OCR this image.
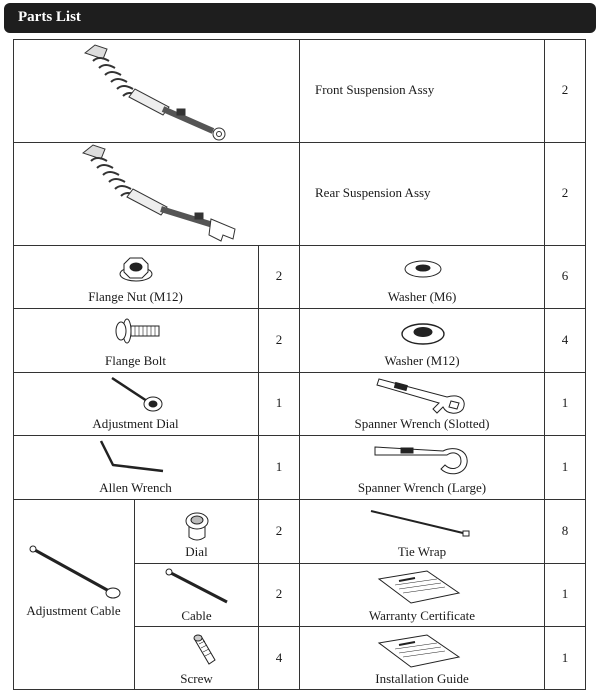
Parts List
Front Suspension Assy	2
Rear Suspension Assy	2
Flange Nut (M12)
2
Washer (M6)
6
Flange Bolt
2
Washer (M12)
4
Adjustment Dial
1
Spanner Wrench (Slotted)
1
Allen Wrench
1
Spanner Wrench (Large)
1
Adjustment Cable
Dial
2
Tie Wrap
8
Cable
2
Warranty Certificate
1
Screw
4
Installation Guide
1
